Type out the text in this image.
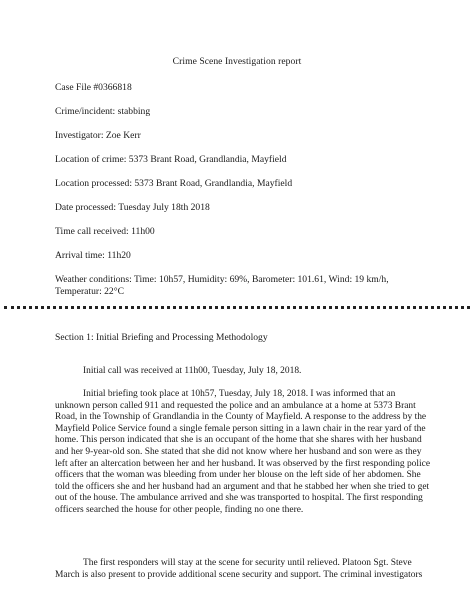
Crime Scene Investigation report
Case File #0366818
Crime/incident: stabbing
Investigator: Zoe Kerr
Location of crime: 5373 Brant Road, Grandlandia, Mayfield
Location processed: 5373 Brant Road, Grandlandia, Mayfield
Date processed: Tuesday July 18th 2018
Time call received: 11h00
Arrival time: 11h20
Weather conditions: Time: 10h57, Humidity: 69%, Barometer: 101.61, Wind: 19 km/h, Temperatur: 22°C
Section 1: Initial Briefing and Processing Methodology

Initial call was received at 11h00, Tuesday, July 18, 2018.

Initial briefing took place at 10h57, Tuesday, July 18, 2018. I was informed that an unknown person called 911 and requested the police and an ambulance at a home at 5373 Brant Road, in the Township of Grandlandia in the County of Mayfield. A response to the address by the Mayfield Police Service found a single female person sitting in a lawn chair in the rear yard of the home. This person indicated that she is an occupant of the home that she shares with her husband and her 9-year-old son. She stated that she did not know where her husband and son were as they left after an altercation between her and her husband. It was observed by the first responding police officers that the woman was bleeding from under her blouse on the left side of her abdomen. She told the officers she and her husband had an argument and that he stabbed her when she tried to get out of the house. The ambulance arrived and she was transported to hospital. The first responding officers searched the house for other people, finding no one there.

The first responders will stay at the scene for security until relieved. Platoon Sgt. Steve March is also present to provide additional scene security and support. The criminal investigators
